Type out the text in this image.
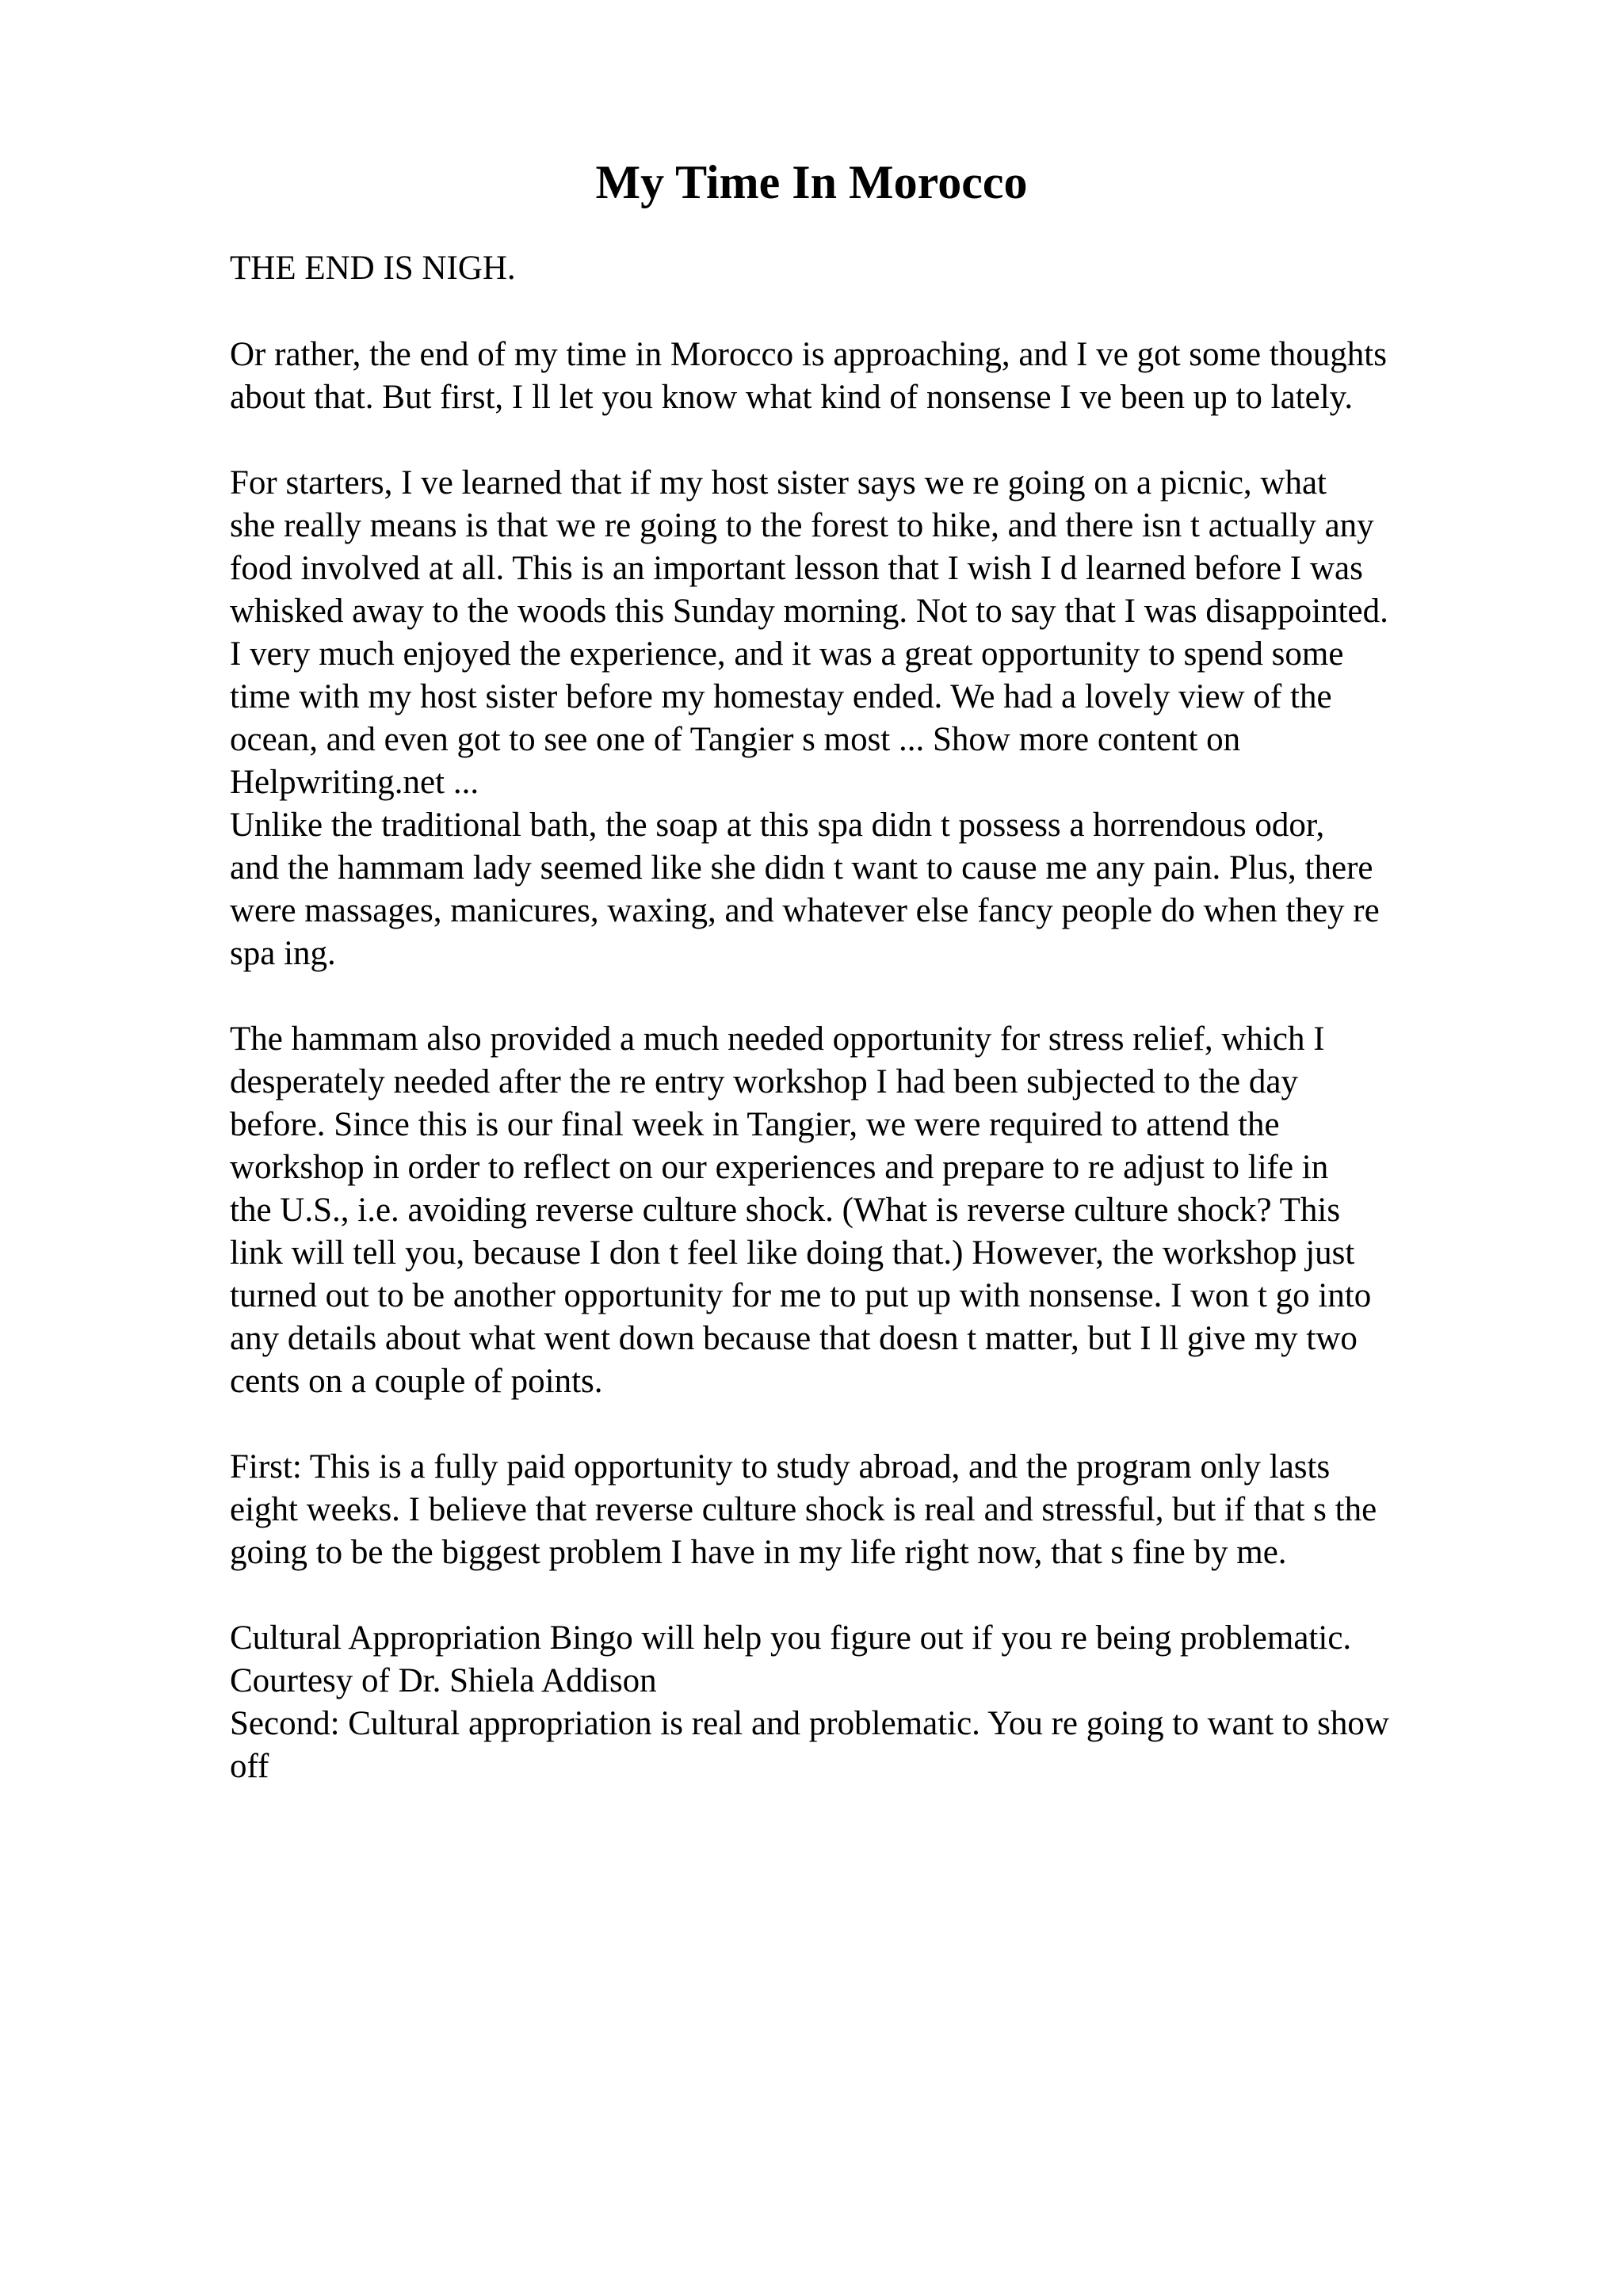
My Time In Morocco

THE END IS NIGH.

Or rather, the end of my time in Morocco is approaching, and I ve got some thoughts

about that. But first, I ll let you know what kind of nonsense I ve been up to lately.

For starters, I ve learned that if my host sister says we re going on a picnic, what

she really means is that we re going to the forest to hike, and there isn t actually any

food involved at all. This is an important lesson that I wish I d learned before I was

whisked away to the woods this Sunday morning. Not to say that I was disappointed.

I very much enjoyed the experience, and it was a great opportunity to spend some

time with my host sister before my homestay ended. We had a lovely view of the

ocean, and even got to see one of Tangier s most ... Show more content on

Helpwriting.net ...

Unlike the traditional bath, the soap at this spa didn t possess a horrendous odor,

and the hammam lady seemed like she didn t want to cause me any pain. Plus, there

were massages, manicures, waxing, and whatever else fancy people do when they re

spa ing.

The hammam also provided a much needed opportunity for stress relief, which I

desperately needed after the re entry workshop I had been subjected to the day

before. Since this is our final week in Tangier, we were required to attend the

workshop in order to reflect on our experiences and prepare to re adjust to life in

the U.S., i.e. avoiding reverse culture shock. (What is reverse culture shock? This

link will tell you, because I don t feel like doing that.) However, the workshop just

turned out to be another opportunity for me to put up with nonsense. I won t go into

any details about what went down because that doesn t matter, but I ll give my two

cents on a couple of points.

First: This is a fully paid opportunity to study abroad, and the program only lasts

eight weeks. I believe that reverse culture shock is real and stressful, but if that s the

going to be the biggest problem I have in my life right now, that s fine by me.

Cultural Appropriation Bingo will help you figure out if you re being problematic.

Courtesy of Dr. Shiela Addison

Second: Cultural appropriation is real and problematic. You re going to want to show

off
